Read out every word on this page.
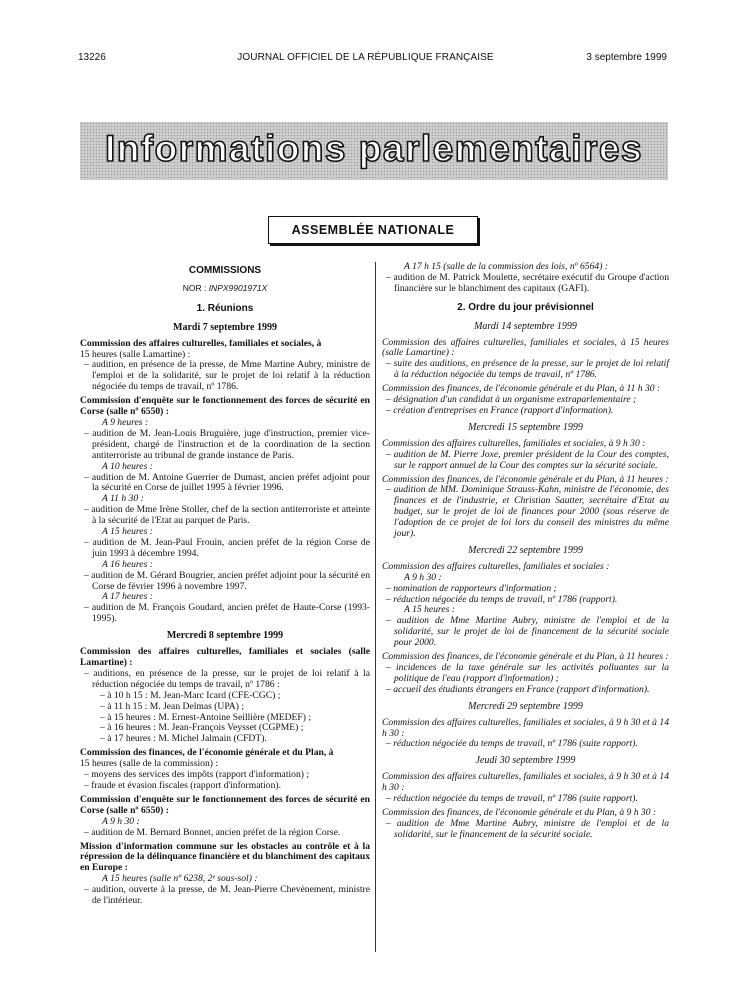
13226	JOURNAL OFFICIEL DE LA RÉPUBLIQUE FRANÇAISE	3 septembre 1999
Informations parlementaires
ASSEMBLÉE NATIONALE
COMMISSIONS
NOR : INPX9901971X
1. Réunions
Mardi 7 septembre 1999

Commission des affaires culturelles, familiales et sociales, à

15 heures (salle Lamartine) :

– audition, en présence de la presse, de Mme Martine Aubry, ministre de l'emploi et de la solidarité, sur le projet de loi relatif à la réduction négociée du temps de travail, nº 1786.

Commission d'enquête sur le fonctionnement des forces de sécurité en Corse (salle nº 6550) :

A 9 heures :

– audition de M. Jean-Louis Bruguière, juge d'instruction, premier vice-président, chargé de l'instruction et de la coordination de la section antiterroriste au tribunal de grande instance de Paris.

A 10 heures :

– audition de M. Antoine Guerrier de Dumast, ancien préfet adjoint pour la sécurité en Corse de juillet 1995 à février 1996.

A 11 h 30 :

– audition de Mme Irène Stoller, chef de la section antiterroriste et atteinte à la sécurité de l'Etat au parquet de Paris.

A 15 heures :

– audition de M. Jean-Paul Frouin, ancien préfet de la région Corse de juin 1993 à décembre 1994.

A 16 heures :

– audition de M. Gérard Bougrier, ancien préfet adjoint pour la sécurité en Corse de février 1996 à novembre 1997.

A 17 heures :

– audition de M. François Goudard, ancien préfet de Haute-Corse (1993-1995).

Mercredi 8 septembre 1999

Commission des affaires culturelles, familiales et sociales (salle Lamartine) :

– auditions, en présence de la presse, sur le projet de loi relatif à la réduction négociée du temps de travail, nº 1786 :

– à 10 h 15 : M. Jean-Marc Icard (CFE-CGC) ;

– à 11 h 15 : M. Jean Delmas (UPA) ;

– à 15 heures : M. Ernest-Antoine Seillière (MEDEF) ;

– à 16 heures : M. Jean-François Veysset (CGPME) ;

– à 17 heures : M. Michel Jalmain (CFDT).

Commission des finances, de l'économie générale et du Plan, à

15 heures (salle de la commission) :

– moyens des services des impôts (rapport d'information) ;

– fraude et évasion fiscales (rapport d'information).

Commission d'enquête sur le fonctionnement des forces de sécurité en Corse (salle nº 6550) :

A 9 h 30 :

– audition de M. Bernard Bonnet, ancien préfet de la région Corse.

Mission d'information commune sur les obstacles au contrôle et à la répression de la délinquance financière et du blanchiment des capitaux en Europe :

A 15 heures (salle nº 6238, 2ᵉ sous-sol) :

– audition, ouverte à la presse, de M. Jean-Pierre Chevènement, ministre de l'intérieur.

A 17 h 15 (salle de la commission des lois, nº 6564) :

– audition de M. Patrick Moulette, secrétaire exécutif du Groupe d'action financière sur le blanchiment des capitaux (GAFI).

2. Ordre du jour prévisionnel
Mardi 14 septembre 1999

Commission des affaires culturelles, familiales et sociales, à 15 heures (salle Lamartine) :

– suite des auditions, en présence de la presse, sur le projet de loi relatif à la réduction négociée du temps de travail, nº 1786.

Commission des finances, de l'économie générale et du Plan, à 11 h 30 :

– désignation d'un candidat à un organisme extraparlementaire ;

– création d'entreprises en France (rapport d'information).

Mercredi 15 septembre 1999

Commission des affaires culturelles, familiales et sociales, à 9 h 30 :

– audition de M. Pierre Joxe, premier président de la Cour des comptes, sur le rapport annuel de la Cour des comptes sur la sécurité sociale.

Commission des finances, de l'économie générale et du Plan, à 11 heures :

– audition de MM. Dominique Strauss-Kahn, ministre de l'économie, des finances et de l'industrie, et Christian Sautter, secrétaire d'Etat au budget, sur le projet de loi de finances pour 2000 (sous réserve de l'adoption de ce projet de loi lors du conseil des ministres du même jour).

Mercredi 22 septembre 1999

Commission des affaires culturelles, familiales et sociales :

A 9 h 30 :

– nomination de rapporteurs d'information ;

– réduction négociée du temps de travail, nº 1786 (rapport).

A 15 heures :

– audition de Mme Martine Aubry, ministre de l'emploi et de la solidarité, sur le projet de loi de financement de la sécurité sociale pour 2000.

Commission des finances, de l'économie générale et du Plan, à 11 heures :

– incidences de la taxe générale sur les activités polluantes sur la politique de l'eau (rapport d'information) ;

– accueil des étudiants étrangers en France (rapport d'information).

Mercredi 29 septembre 1999

Commission des affaires culturelles, familiales et sociales, à 9 h 30 et à 14 h 30 :

– réduction négociée du temps de travail, nº 1786 (suite rapport).

Jeudi 30 septembre 1999

Commission des affaires culturelles, familiales et sociales, à 9 h 30 et à 14 h 30 :

– réduction négociée du temps de travail, nº 1786 (suite rapport).

Commission des finances, de l'économie générale et du Plan, à 9 h 30 :

– audition de Mme Martine Aubry, ministre de l'emploi et de la solidarité, sur le financement de la sécurité sociale.
